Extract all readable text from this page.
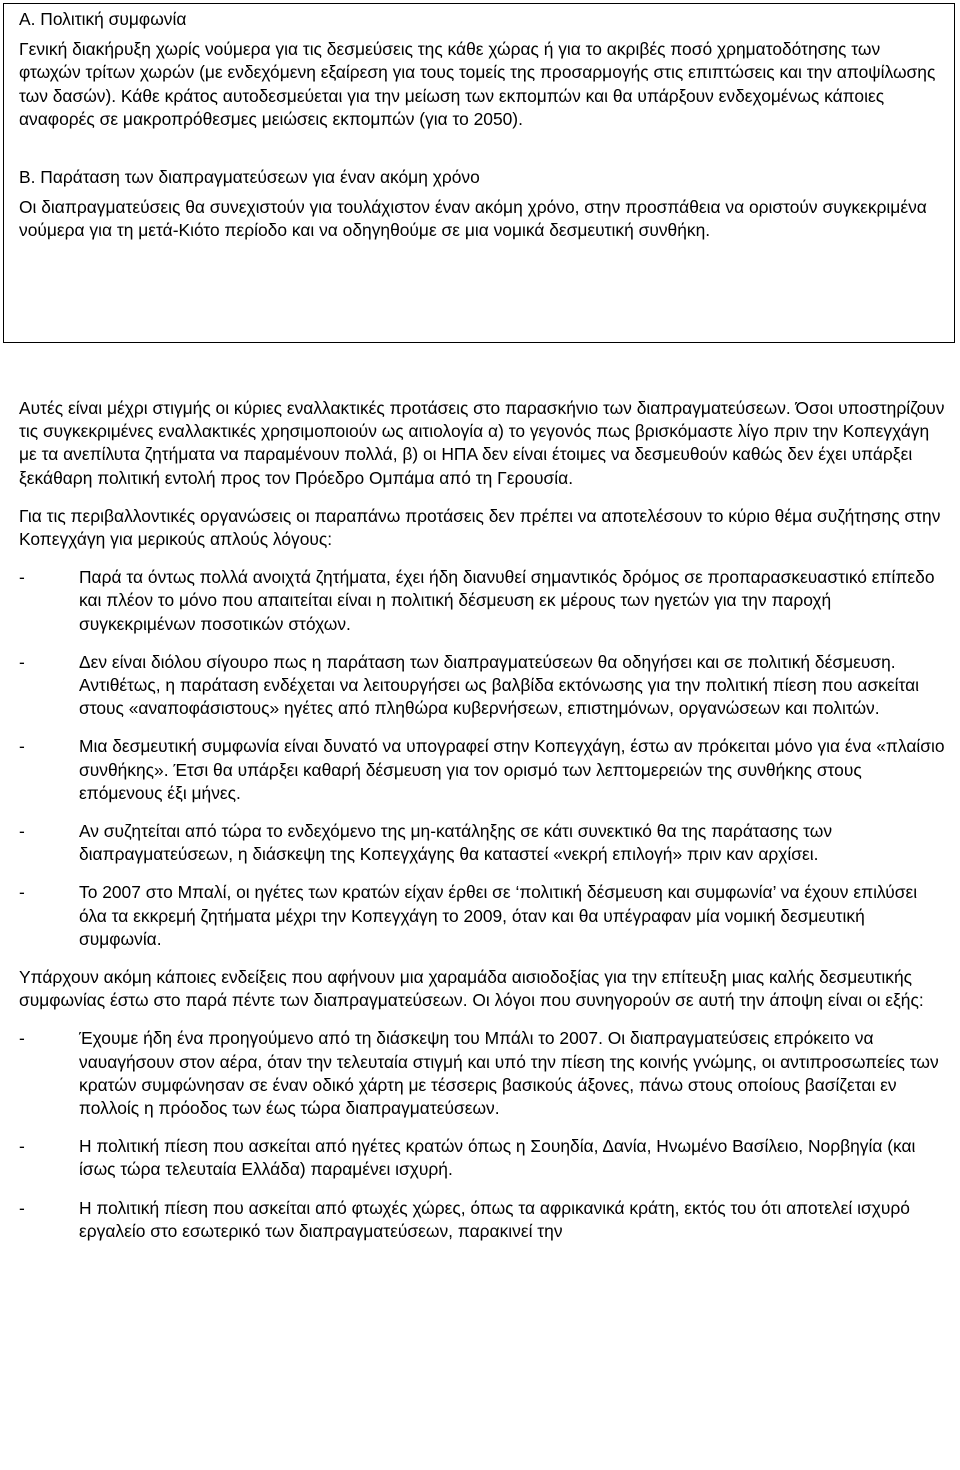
A. Πολιτική συμφωνία

Γενική διακήρυξη χωρίς νούμερα για τις δεσμεύσεις της κάθε χώρας ή για το ακριβές ποσό χρηματοδότησης των φτωχών τρίτων χωρών (με ενδεχόμενη εξαίρεση για τους τομείς της προσαρμογής στις επιπτώσεις και την αποψίλωσης των δασών). Κάθε κράτος αυτοδεσμεύεται για την μείωση των εκπομπών και θα υπάρξουν ενδεχομένως κάποιες αναφορές σε μακροπρόθεσμες μειώσεις εκπομπών (για το 2050).

B. Παράταση των διαπραγματεύσεων για έναν ακόμη χρόνο

Οι διαπραγματεύσεις θα συνεχιστούν για τουλάχιστον έναν ακόμη χρόνο, στην προσπάθεια να οριστούν συγκεκριμένα νούμερα για τη μετά-Κιότο περίοδο και να οδηγηθούμε σε μια νομικά δεσμευτική συνθήκη.

Αυτές είναι μέχρι στιγμής οι κύριες εναλλακτικές προτάσεις στο παρασκήνιο των διαπραγματεύσεων. Όσοι υποστηρίζουν τις συγκεκριμένες εναλλακτικές χρησιμοποιούν ως αιτιολογία α) το γεγονός πως βρισκόμαστε λίγο πριν την Κοπεγχάγη με τα ανεπίλυτα ζητήματα να παραμένουν πολλά, β) οι ΗΠΑ δεν είναι έτοιμες να δεσμευθούν καθώς δεν έχει υπάρξει ξεκάθαρη πολιτική εντολή προς τον Πρόεδρο Ομπάμα από τη Γερουσία.

Για τις περιβαλλοντικές οργανώσεις οι παραπάνω προτάσεις δεν πρέπει να αποτελέσουν το κύριο θέμα συζήτησης στην Κοπεγχάγη για μερικούς απλούς λόγους:

-	Παρά τα όντως πολλά ανοιχτά ζητήματα, έχει ήδη διανυθεί σημαντικός δρόμος σε προπαρασκευαστικό επίπεδο και πλέον το μόνο που απαιτείται είναι η πολιτική δέσμευση εκ μέρους των ηγετών για την παροχή συγκεκριμένων ποσοτικών στόχων.
-	Δεν είναι διόλου σίγουρο πως η παράταση των διαπραγματεύσεων θα οδηγήσει και σε πολιτική δέσμευση. Αντιθέτως, η παράταση ενδέχεται να λειτουργήσει ως βαλβίδα εκτόνωσης για την πολιτική πίεση που ασκείται στους «αναποφάσιστους» ηγέτες από πληθώρα κυβερνήσεων, επιστημόνων, οργανώσεων και πολιτών.
-	Μια δεσμευτική συμφωνία είναι δυνατό να υπογραφεί στην Κοπεγχάγη, έστω αν πρόκειται μόνο για ένα «πλαίσιο συνθήκης». Έτσι θα υπάρξει καθαρή δέσμευση για τον ορισμό των λεπτομερειών της συνθήκης στους επόμενους έξι μήνες.
-	Αν συζητείται από τώρα το ενδεχόμενο της μη-κατάληξης σε κάτι συνεκτικό θα της παράτασης των διαπραγματεύσεων, η διάσκεψη της Κοπεγχάγης θα καταστεί «νεκρή επιλογή» πριν καν αρχίσει.
-	Το 2007 στο Μπαλί, οι ηγέτες των κρατών είχαν έρθει σε ‘πολιτική δέσμευση και συμφωνία’ να έχουν επιλύσει όλα τα εκκρεμή ζητήματα μέχρι την Κοπεγχάγη το 2009, όταν και θα υπέγραφαν μία νομική δεσμευτική συμφωνία.

Υπάρχουν ακόμη κάποιες ενδείξεις που αφήνουν μια χαραμάδα αισιοδοξίας για την επίτευξη μιας καλής δεσμευτικής συμφωνίας έστω στο παρά πέντε των διαπραγματεύσεων. Οι λόγοι που συνηγορούν σε αυτή την άποψη είναι οι εξής:

-	Έχουμε ήδη ένα προηγούμενο από τη διάσκεψη του Μπάλι το 2007. Οι διαπραγματεύσεις επρόκειτο να ναυαγήσουν στον αέρα, όταν την τελευταία στιγμή και υπό την πίεση της κοινής γνώμης, οι αντιπροσωπείες των κρατών συμφώνησαν σε έναν οδικό χάρτη με τέσσερις βασικούς άξονες, πάνω στους οποίους βασίζεται εν πολλοίς η πρόοδος των έως τώρα διαπραγματεύσεων.
-	Η πολιτική πίεση που ασκείται από ηγέτες κρατών όπως η Σουηδία, Δανία, Ηνωμένο Βασίλειο, Νορβηγία (και ίσως τώρα τελευταία Ελλάδα) παραμένει ισχυρή.
-	Η πολιτική πίεση που ασκείται από φτωχές χώρες, όπως τα αφρικανικά κράτη, εκτός του ότι αποτελεί ισχυρό εργαλείο στο εσωτερικό των διαπραγματεύσεων, παρακινεί την
